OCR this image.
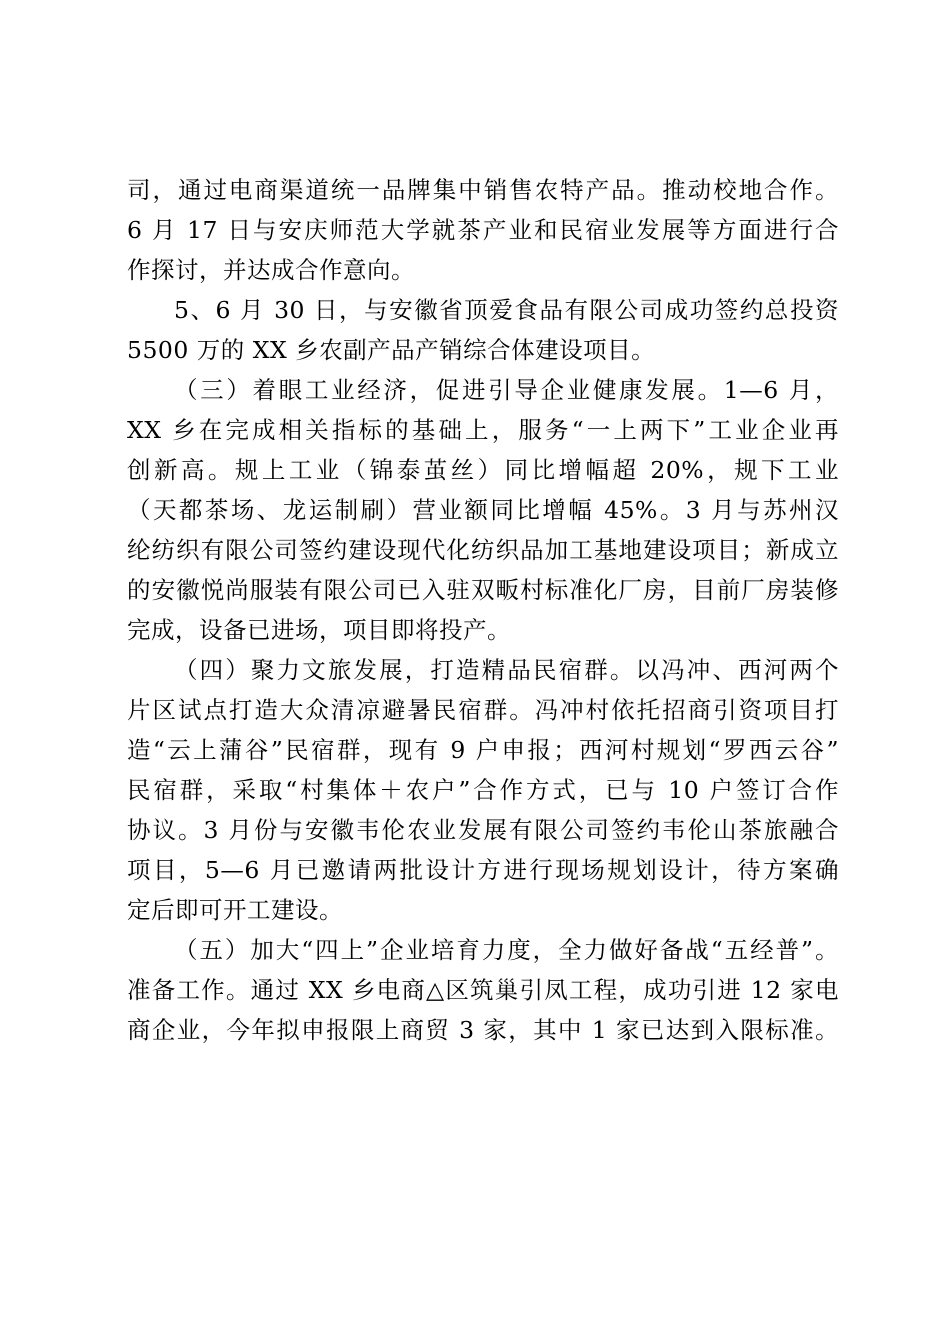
司，通过电商渠道统一品牌集中销售农特产品。推动校地合作。
6 月 17 日与安庆师范大学就茶产业和民宿业发展等方面进行合
作探讨，并达成合作意向。
5、6 月 30 日，与安徽省顶爱食品有限公司成功签约总投资
5500 万的 XX 乡农副产品产销综合体建设项目。
（三）着眼工业经济，促进引导企业健康发展。1—6 月，
XX 乡在完成相关指标的基础上，服务“一上两下”工业企业再
创新高。规上工业（锦泰茧丝）同比增幅超 20%，规下工业
（天都茶场、龙运制刷）营业额同比增幅 45%。3 月与苏州汉
纶纺织有限公司签约建设现代化纺织品加工基地建设项目；新成立
的安徽悦尚服装有限公司已入驻双畈村标准化厂房，目前厂房装修
完成，设备已进场，项目即将投产。
（四）聚力文旅发展，打造精品民宿群。以冯冲、西河两个
片区试点打造大众清凉避暑民宿群。冯冲村依托招商引资项目打
造“云上蒲谷”民宿群，现有 9 户申报；西河村规划“罗西云谷”
民宿群，采取“村集体＋农户”合作方式，已与 10 户签订合作
协议。3 月份与安徽韦伦农业发展有限公司签约韦伦山茶旅融合
项目，5—6 月已邀请两批设计方进行现场规划设计，待方案确
定后即可开工建设。
（五）加大“四上”企业培育力度，全力做好备战“五经普”。
准备工作。通过 XX 乡电商△区筑巢引凤工程，成功引进 12 家电
商企业，今年拟申报限上商贸 3 家，其中 1 家已达到入限标准。
